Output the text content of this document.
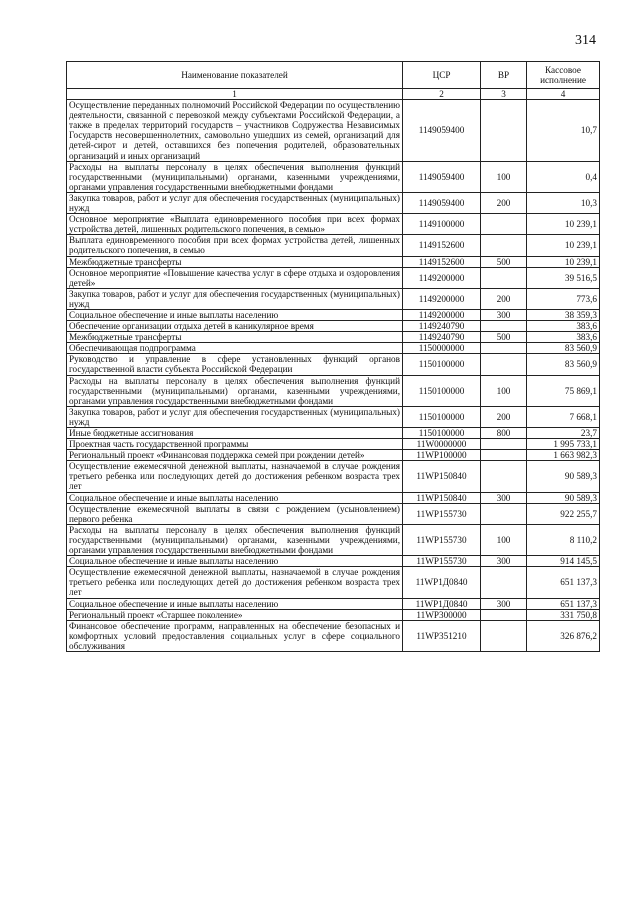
314
Наименование показателей	ЦСР	ВР	Кассовое исполнение
1	2	3	4
Осуществление переданных полномочий Российской Федерации по осуществлению деятельности, связанной с перевозкой между субъектами Российской Федерации, а также в пределах территорий государств – участников Содружества Независимых Государств несовершеннолетних, самовольно ушедших из семей, организаций для детей-сирот и детей, оставшихся без попечения родителей, образовательных организаций и иных организаций	1149059400		10,7
Расходы на выплаты персоналу в целях обеспечения выполнения функций государственными (муниципальными) органами, казенными учреждениями, органами управления государственными внебюджетными фондами	1149059400	100	0,4
Закупка товаров, работ и услуг для обеспечения государственных (муниципальных) нужд	1149059400	200	10,3
Основное мероприятие «Выплата единовременного пособия при всех формах устройства детей, лишенных родительского попечения, в семью»	1149100000		10 239,1
Выплата единовременного пособия при всех формах устройства детей, лишенных родительского попечения, в семью	1149152600		10 239,1
Межбюджетные трансферты	1149152600	500	10 239,1
Основное мероприятие «Повышение качества услуг в сфере отдыха и оздоровления детей»	1149200000		39 516,5
Закупка товаров, работ и услуг для обеспечения государственных (муниципальных) нужд	1149200000	200	773,6
Социальное обеспечение и иные выплаты населению	1149200000	300	38 359,3
Обеспечение организации отдыха детей в каникулярное время	1149240790		383,6
Межбюджетные трансферты	1149240790	500	383,6
Обеспечивающая подпрограмма	1150000000		83 560,9
Руководство и управление в сфере установленных функций органов государственной власти субъекта Российской Федерации	1150100000		83 560,9
Расходы на выплаты персоналу в целях обеспечения выполнения функций государственными (муниципальными) органами, казенными учреждениями, органами управления государственными внебюджетными фондами	1150100000	100	75 869,1
Закупка товаров, работ и услуг для обеспечения государственных (муниципальных) нужд	1150100000	200	7 668,1
Иные бюджетные ассигнования	1150100000	800	23,7
Проектная часть государственной программы	11W0000000		1 995 733,1
Региональный проект «Финансовая поддержка семей при рождении детей»	11WP100000		1 663 982,3
Осуществление ежемесячной денежной выплаты, назначаемой в случае рождения третьего ребенка или последующих детей до достижения ребенком возраста трех лет	11WP150840		90 589,3
Социальное обеспечение и иные выплаты населению	11WP150840	300	90 589,3
Осуществление ежемесячной выплаты в связи с рождением (усыновлением) первого ребенка	11WP155730		922 255,7
Расходы на выплаты персоналу в целях обеспечения выполнения функций государственными (муниципальными) органами, казенными учреждениями, органами управления государственными внебюджетными фондами	11WP155730	100	8 110,2
Социальное обеспечение и иные выплаты населению	11WP155730	300	914 145,5
Осуществление ежемесячной денежной выплаты, назначаемой в случае рождения третьего ребенка или последующих детей до достижения ребенком возраста трех лет	11WP1Д0840		651 137,3
Социальное обеспечение и иные выплаты населению	11WP1Д0840	300	651 137,3
Региональный проект «Старшее поколение»	11WP300000		331 750,8
Финансовое обеспечение программ, направленных на обеспечение безопасных и комфортных условий предоставления социальных услуг в сфере социального обслуживания	11WP351210		326 876,2
